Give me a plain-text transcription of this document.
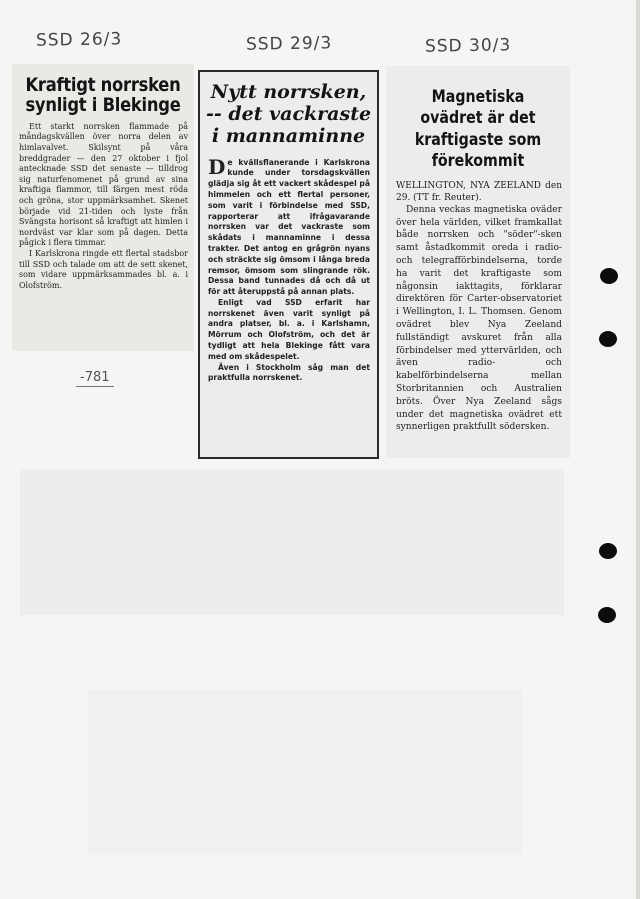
SSD 26/3	SSD 29/3	SSD 30/3
Kraftigt norrsken synligt i Blekinge

Ett starkt norrsken flammade på måndagskvällen över norra delen av himlavalvet. Skilsynt på våra breddgrader — den 27 oktober i fjol antecknade SSD det senaste — tilldrog sig naturfenomenet på grund av sina kraftiga flammor, till färgen mest röda och gröna, stor uppmärksamhet. Skenet började vid 21-tiden och lyste från Svängsta horisont så kraftigt att himlen i nordväst var klar som på dagen. Detta pågick i flera timmar.

I Karlskrona ringde ett flertal stadsbor till SSD och talade om att de sett skenet, som vidare uppmärksammades bl. a. i Olofström.

Nytt norrsken, -- det vackraste i mannaminne

De kvällsflanerande i Karlskrona kunde under torsdagskvällen glädja sig åt ett vackert skådespel på himmelen och ett flertal personer, som varit i förbindelse med SSD, rapporterar att ifrågavarande norrsken var det vackraste som skådats i mannaminne i dessa trakter. Det antog en grågrön nyans och sträckte sig ömsom i långa breda remsor, ömsom som slingrande rök. Dessa band tunnades då och då ut för att återuppstå på annan plats.

Enligt vad SSD erfarit har norrskenet även varit synligt på andra platser, bl. a. i Karlshamn, Mörrum och Olofström, och det är tydligt att hela Blekinge fått vara med om skådespelet.

Även i Stockholm såg man det praktfulla norrskenet.

Magnetiska ovädret är det kraftigaste som förekommit
WELLINGTON, NYA ZEELAND den 29. (TT fr. Reuter).

Denna veckas magnetiska oväder över hela världen, vilket framkallat både norrsken och "söder"-sken samt åstadkommit oreda i radio- och telegrafförbindelserna, torde ha varit det kraftigaste som någonsin iakttagits, förklarar direktören för Carter-observatoriet i Wellington, I. L. Thomsen. Genom ovädret blev Nya Zeeland fullständigt avskuret från alla förbindelser med yttervärlden, och även radio- och kabelförbindelserna mellan Storbritannien och Australien bröts. Över Nya Zeeland sågs under det magnetiska ovädret ett synnerligen praktfullt södersken.

-781
